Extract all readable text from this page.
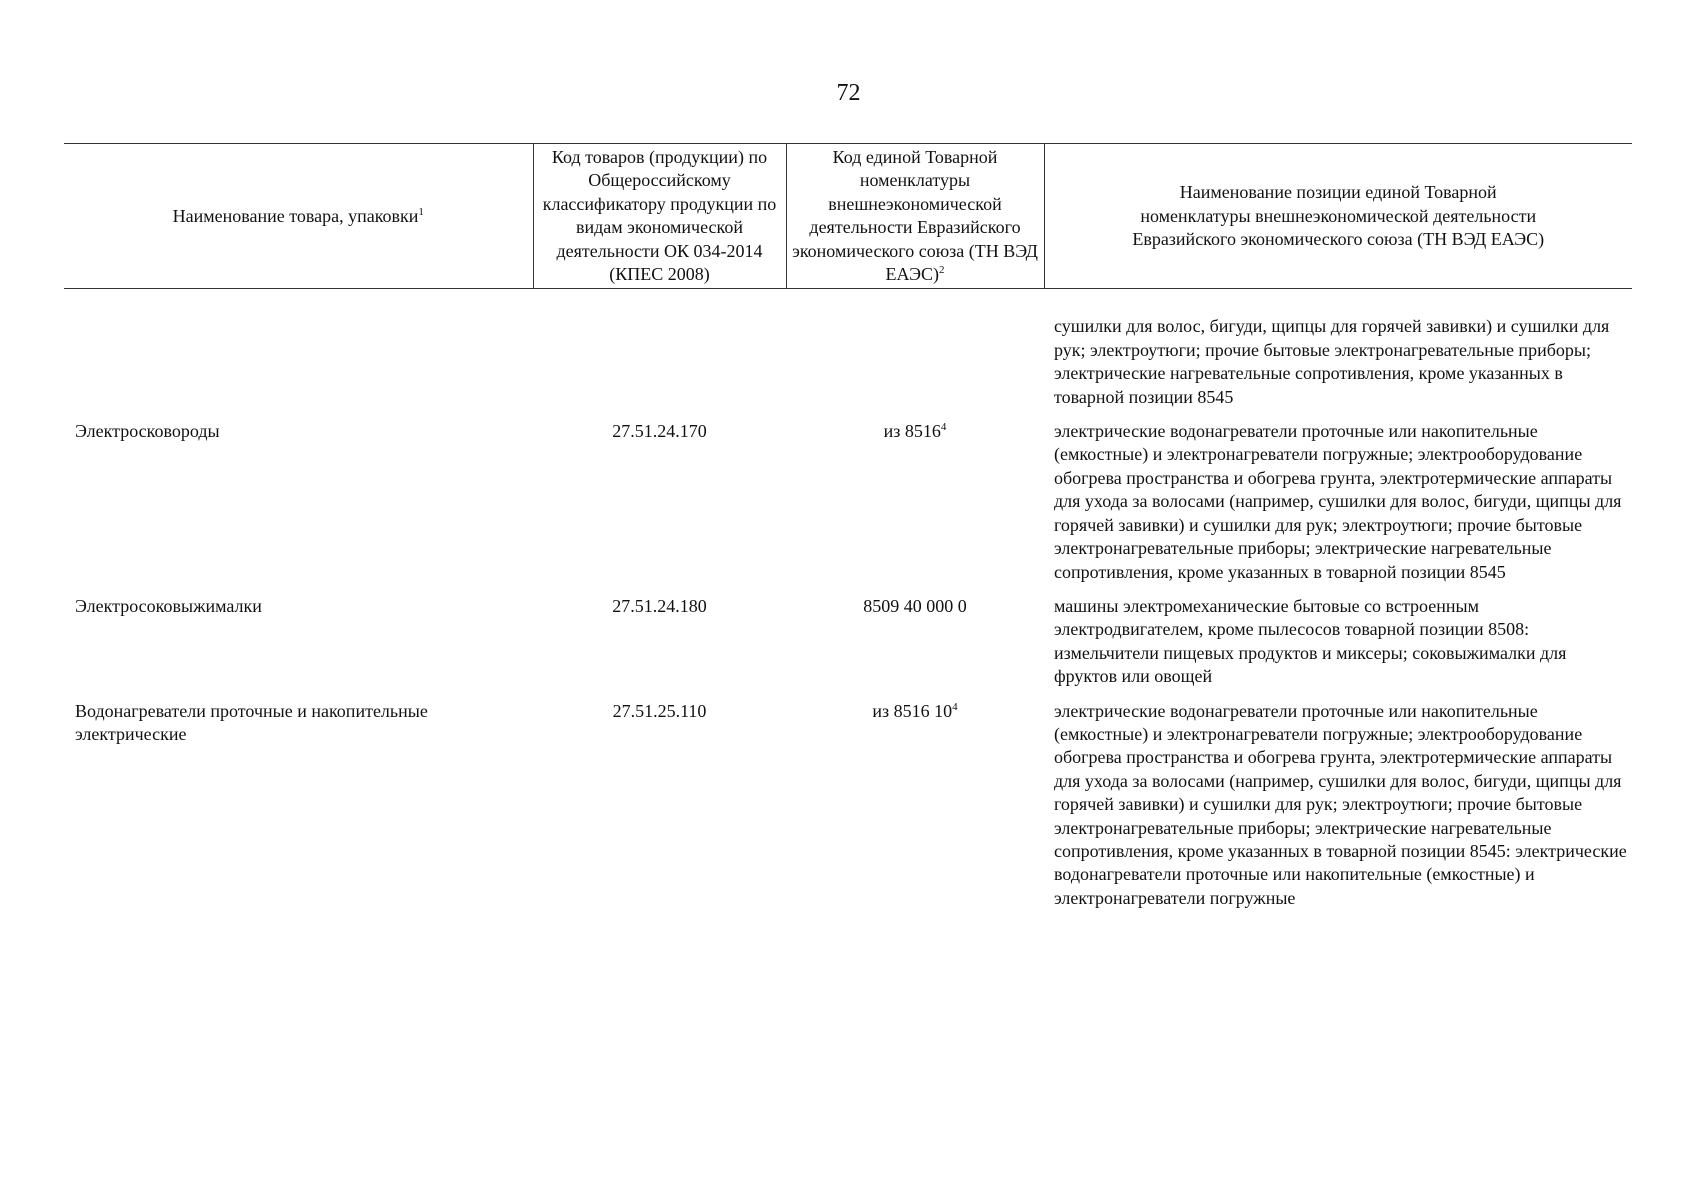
72
Наименование товара, упаковки$^1$	Код товаров (продукции) по Общероссийскому классификатору продукции по видам экономической деятельности ОК 034-2014 (КПЕС 2008)	Код единой Товарной номенклатуры внешнеэкономической деятельности Евразийского экономического союза (ТН ВЭД ЕАЭС)$^2$	Наименование позиции единой Товарной номенклатуры внешнеэкономической деятельности Евразийского экономического союза (ТН ВЭД ЕАЭС)
			сушилки для волос, бигуди, щипцы для горячей завивки) и сушилки для рук; электроутюги; прочие бытовые электронагревательные приборы; электрические нагревательные сопротивления, кроме указанных в товарной позиции 8545
Электросковороды	27.51.24.170	из 8516$^4$	электрические водонагреватели проточные или накопительные (емкостные) и электронагреватели погружные; электрооборудование обогрева пространства и обогрева грунта, электротермические аппараты для ухода за волосами (например, сушилки для волос, бигуди, щипцы для горячей завивки) и сушилки для рук; электроутюги; прочие бытовые электронагревательные приборы; электрические нагревательные сопротивления, кроме указанных в товарной позиции 8545
Электросоковыжималки	27.51.24.180	8509 40 000 0	машины электромеханические бытовые со встроенным электродвигателем, кроме пылесосов товарной позиции 8508: измельчители пищевых продуктов и миксеры; соковыжималки для фруктов или овощей
Водонагреватели проточные и накопительные электрические	27.51.25.110	из 8516 $10^4$	электрические водонагреватели проточные или накопительные (емкостные) и электронагреватели погружные; электрооборудование обогрева пространства и обогрева грунта, электротермические аппараты для ухода за волосами (например, сушилки для волос, бигуди, щипцы для горячей завивки) и сушилки для рук; электроутюги; прочие бытовые электронагревательные приборы; электрические нагревательные сопротивления, кроме указанных в товарной позиции 8545: электрические водонагреватели проточные или накопительные (емкостные) и электронагреватели погружные
